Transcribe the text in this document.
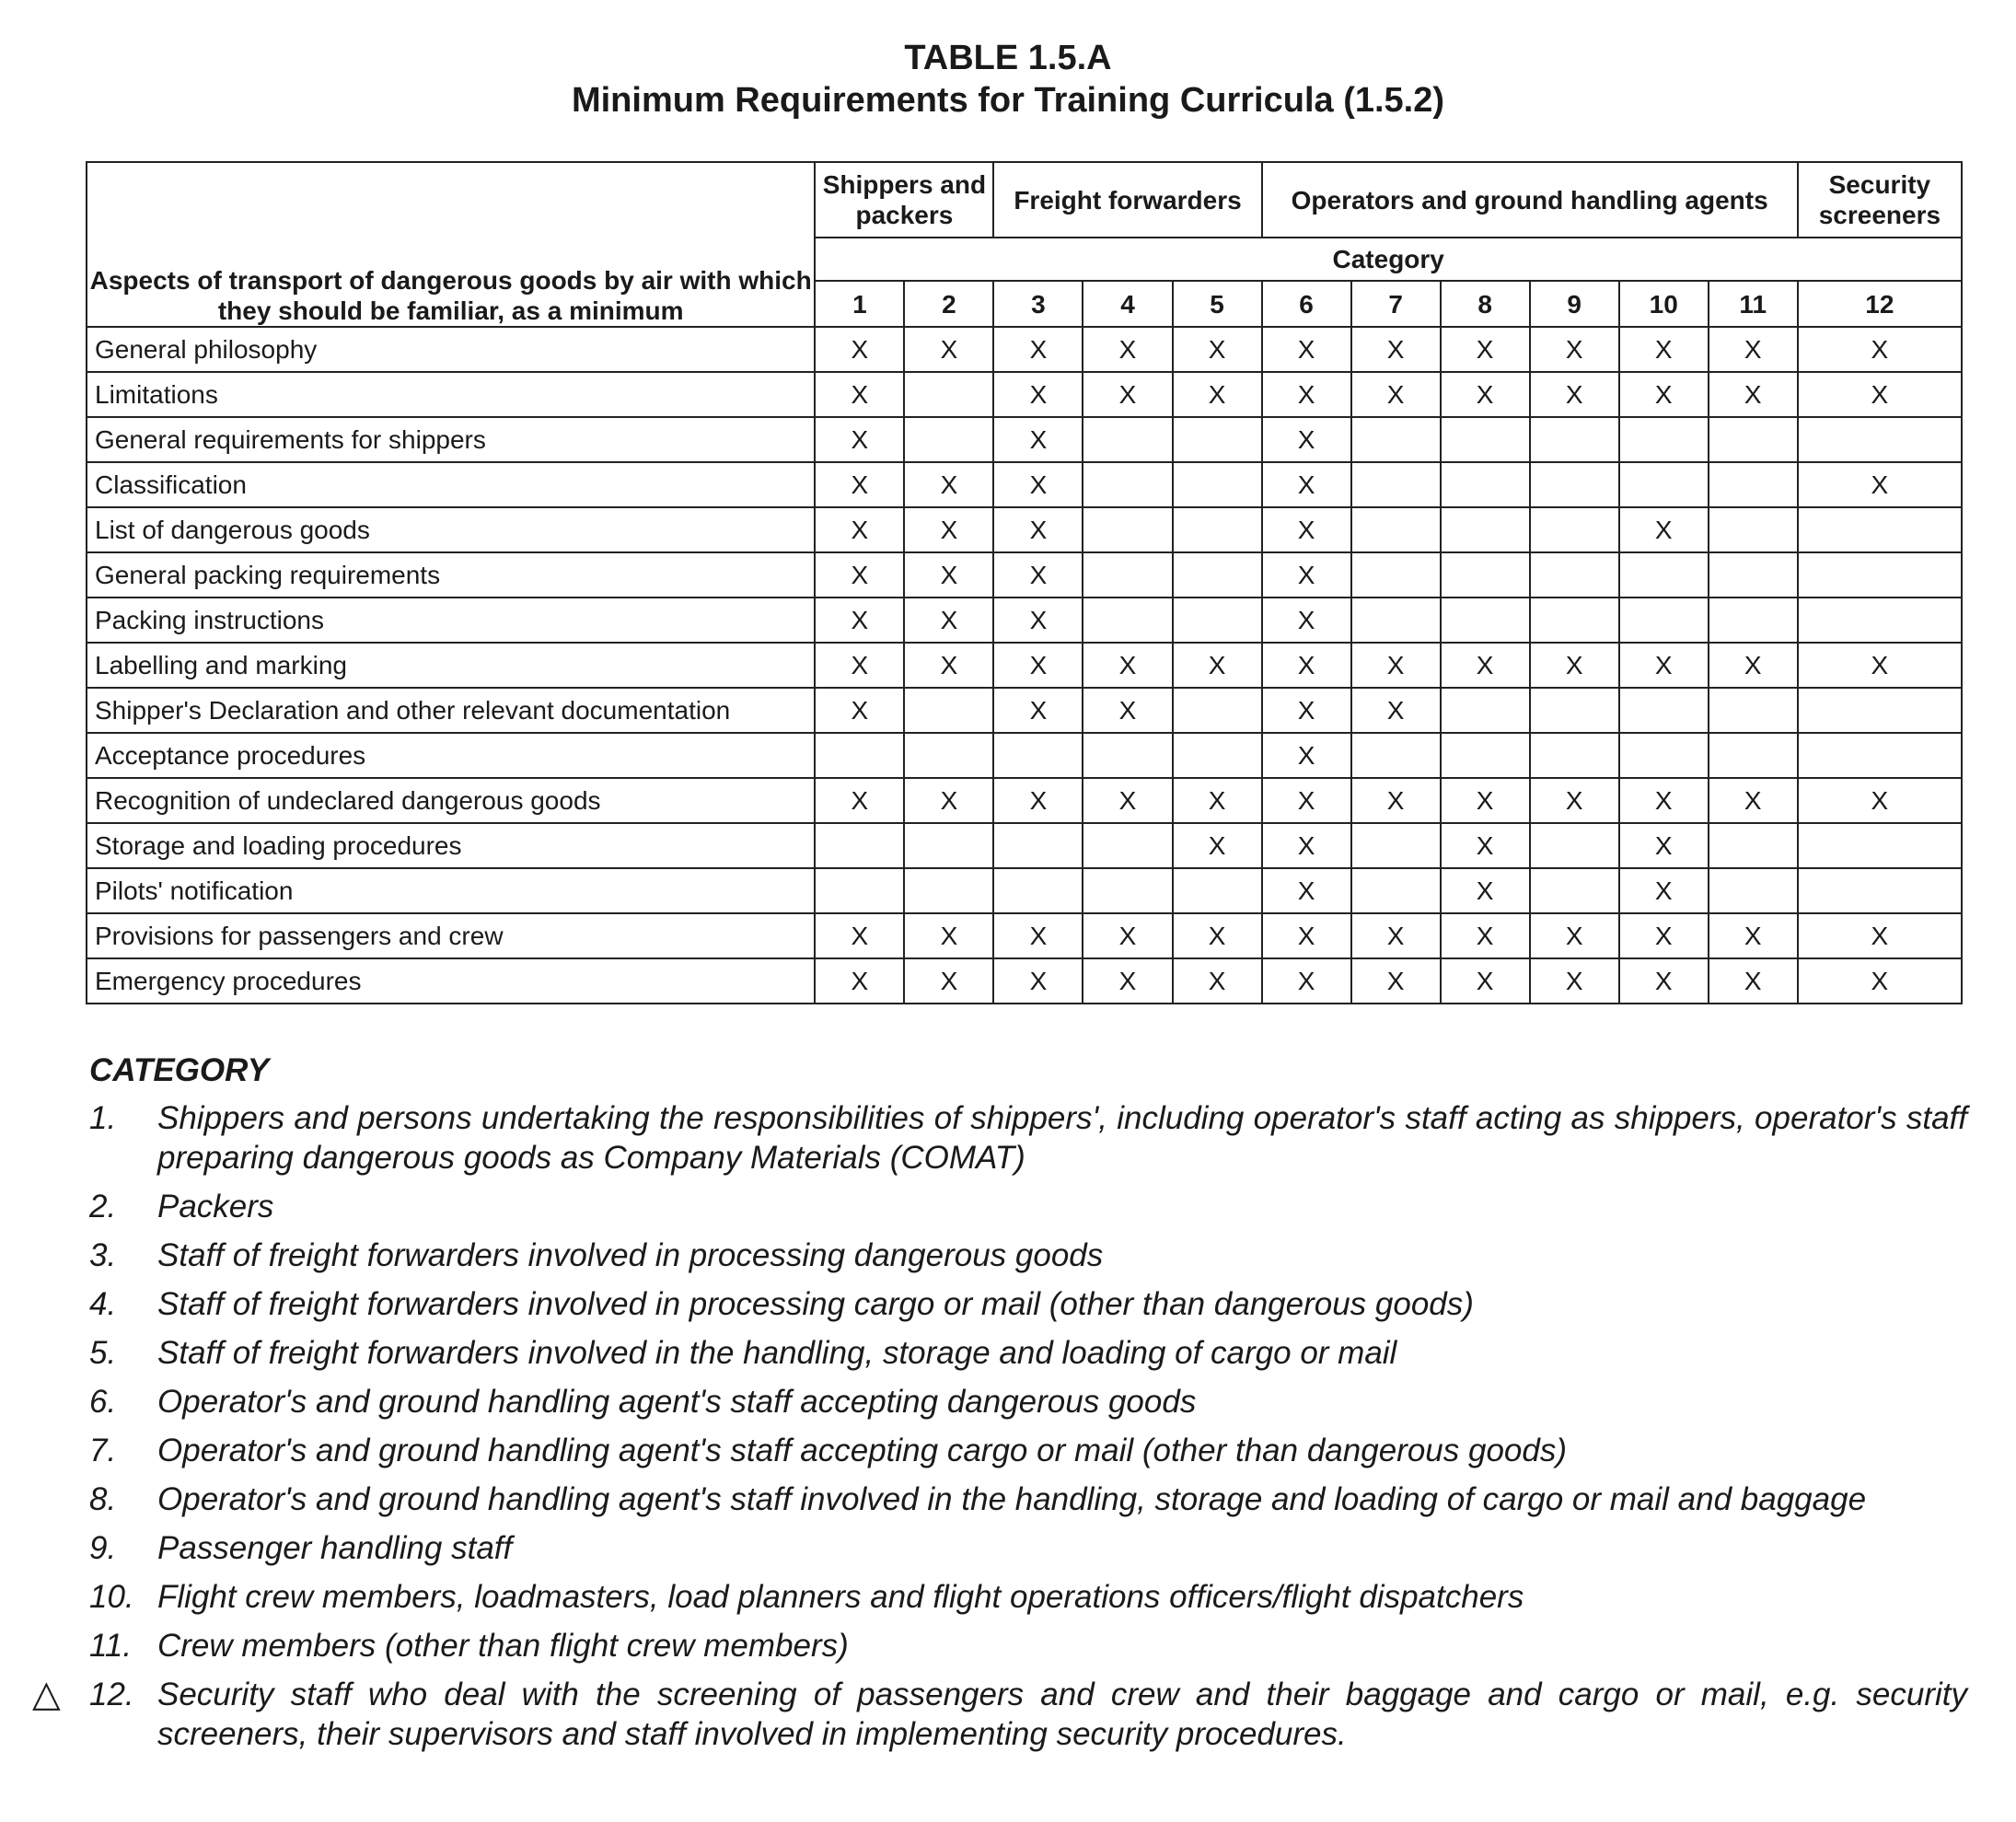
TABLE 1.5.A
Minimum Requirements for Training Curricula (1.5.2)
Aspects of transport of dangerous goods by air with which they should be familiar, as a minimum	Shippers and packers		Freight forwarders			Operators and ground handling agents						Security screeners
	Category											
	1	2	3	4	5	6	7	8	9	10	11	12
General philosophy	X	X	X	X	X	X	X	X	X	X	X	X
Limitations	X		X	X	X	X	X	X	X	X	X	X
General requirements for shippers	X		X			X						
Classification	X	X	X			X						X
List of dangerous goods	X	X	X			X				X		
General packing requirements	X	X	X			X						
Packing instructions	X	X	X			X						
Labelling and marking	X	X	X	X	X	X	X	X	X	X	X	X
Shipper's Declaration and other relevant documentation	X		X	X		X	X					
Acceptance procedures						X						
Recognition of undeclared dangerous goods	X	X	X	X	X	X	X	X	X	X	X	X
Storage and loading procedures					X	X		X		X		
Pilots' notification						X		X		X		
Provisions for passengers and crew	X	X	X	X	X	X	X	X	X	X	X	X
Emergency procedures	X	X	X	X	X	X	X	X	X	X	X	X
CATEGORY
1. Shippers and persons undertaking the responsibilities of shippers', including operator's staff acting as shippers, operator's staff preparing dangerous goods as Company Materials (COMAT)
2. Packers
3. Staff of freight forwarders involved in processing dangerous goods
4. Staff of freight forwarders involved in processing cargo or mail (other than dangerous goods)
5. Staff of freight forwarders involved in the handling, storage and loading of cargo or mail
6. Operator's and ground handling agent's staff accepting dangerous goods
7. Operator's and ground handling agent's staff accepting cargo or mail (other than dangerous goods)
8. Operator's and ground handling agent's staff involved in the handling, storage and loading of cargo or mail and baggage
9. Passenger handling staff
10. Flight crew members, loadmasters, load planners and flight operations officers/flight dispatchers
11. Crew members (other than flight crew members)
△ 12. Security staff who deal with the screening of passengers and crew and their baggage and cargo or mail, e.g. security screeners, their supervisors and staff involved in implementing security procedures.
